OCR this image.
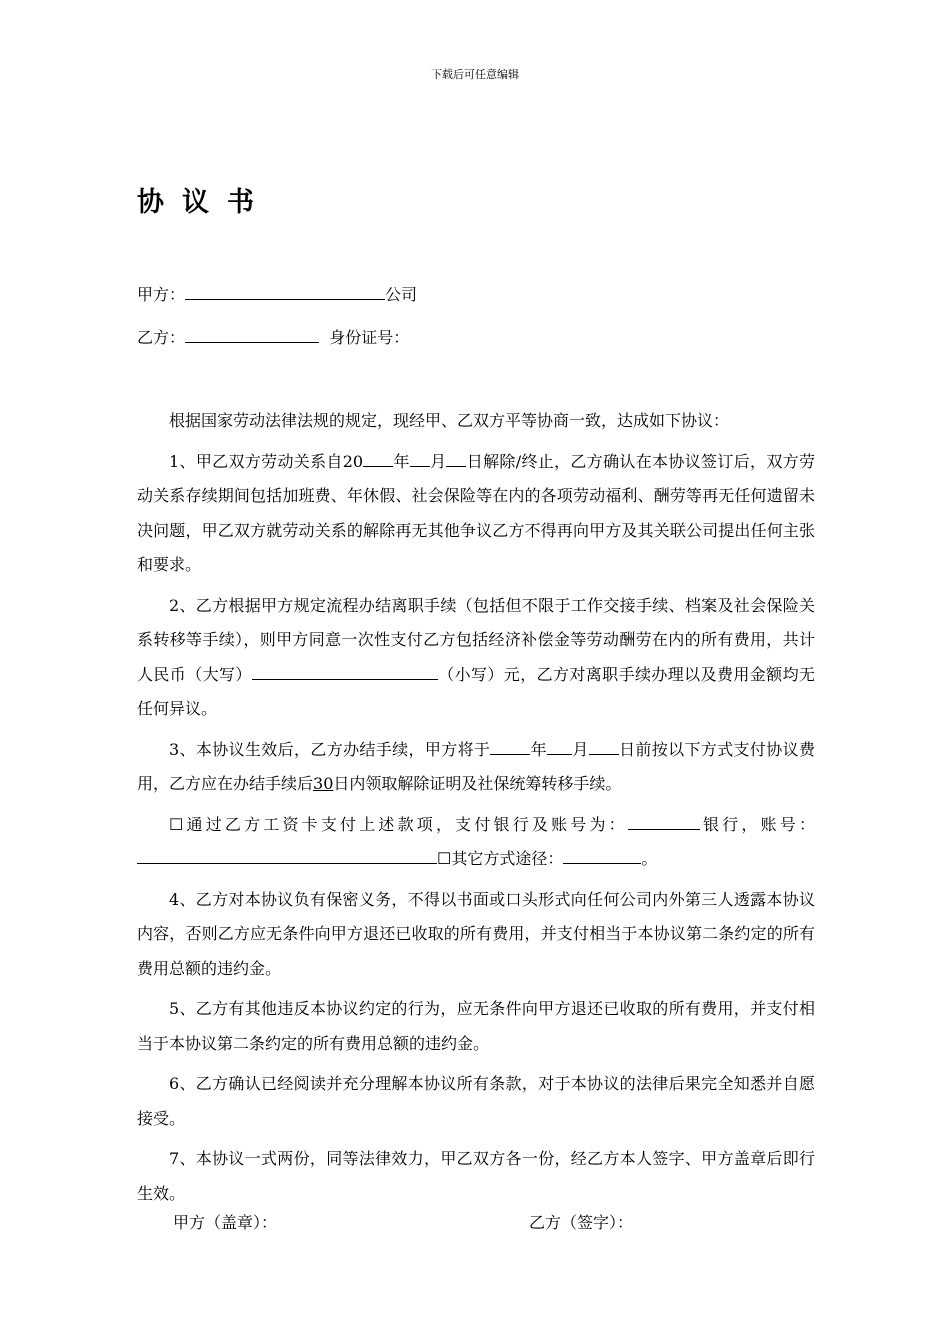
下载后可任意编辑
协议书
甲方：	公司
乙方：	身份证号：

根据国家劳动法律法规的规定，现经甲、乙双方平等协商一致，达成如下协议：

1、甲乙双方劳动关系自20 年 月 日解除/终止，乙方确认在本协议签订后，双方劳动关系存续期间包括加班费、年休假、社会保险等在内的各项劳动福利、酬劳等再无任何遗留未决问题，甲乙双方就劳动关系的解除再无其他争议乙方不得再向甲方及其关联公司提出任何主张和要求。

2、乙方根据甲方规定流程办结离职手续（包括但不限于工作交接手续、档案及社会保险关系转移等手续），则甲方同意一次性支付乙方包括经济补偿金等劳动酬劳在内的所有费用，共计人民币（大写）	（小写）元，乙方对离职手续办理以及费用金额均无任何异议。

3、本协议生效后，乙方办结手续，甲方将于	年 月 日前按以下方式支付协议费用，乙方应在办结手续后30日内领取解除证明及社保统筹转移手续。

☐通过乙方工资卡支付上述款项，支付银行及账号为：	银行，账号：☐其它方式途径：	。

4、乙方对本协议负有保密义务，不得以书面或口头形式向任何公司内外第三人透露本协议内容，否则乙方应无条件向甲方退还已收取的所有费用，并支付相当于本协议第二条约定的所有费用总额的违约金。

5、乙方有其他违反本协议约定的行为，应无条件向甲方退还已收取的所有费用，并支付相当于本协议第二条约定的所有费用总额的违约金。

6、乙方确认已经阅读并充分理解本协议所有条款，对于本协议的法律后果完全知悉并自愿接受。

7、本协议一式两份，同等法律效力，甲乙双方各一份，经乙方本人签字、甲方盖章后即行生效。

甲方（盖章）：	乙方（签字）：
